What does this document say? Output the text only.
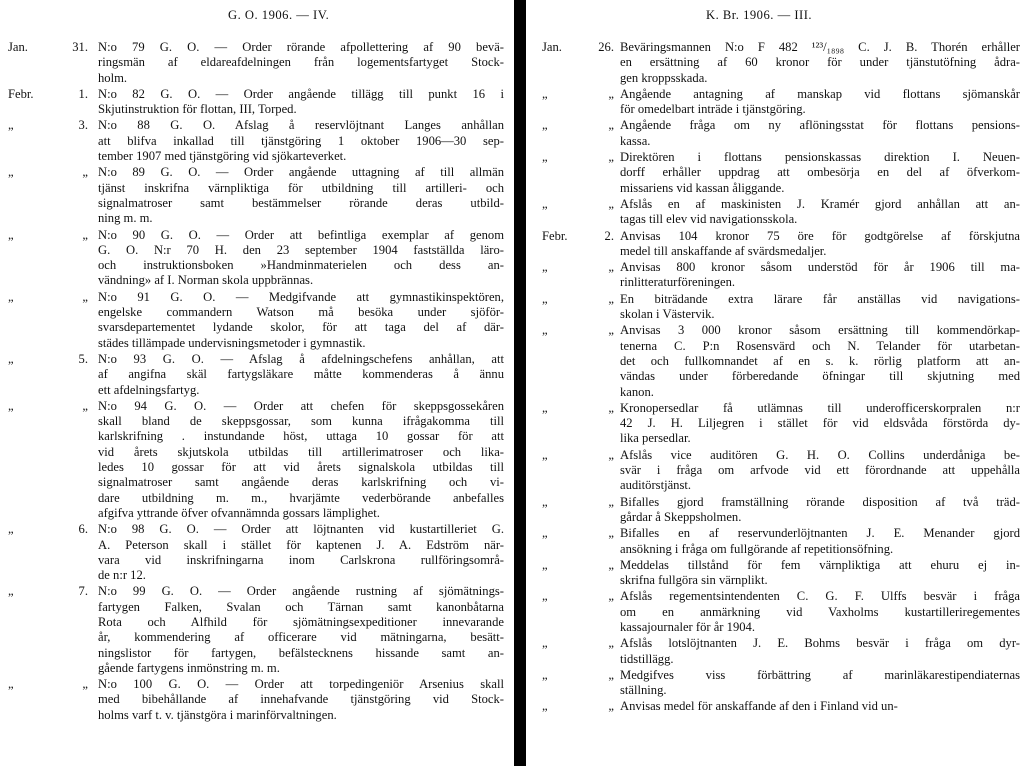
G. O. 1906. — IV.
Jan.	31. N:o 79 G. O. — Order rörande afpollettering af 90 bevä-
ringsmän af eldareafdelningen från logementsfartyget Stock-
holm.
Febr.	1. N:o 82 G. O. — Order angående tillägg till punkt 16 i
Skjutinstruktion för flottan, III, Torped.
„	3. N:o 88 G. O. Afslag å reservlöjtnant Langes anhållan
att blifva inkallad till tjänstgöring 1 oktober 1906—30 sep-
tember 1907 med tjänstgöring vid sjökarteverket.
„	„ N:o 89 G. O. — Order angående uttagning af till allmän
tjänst inskrifna värnpliktiga för utbildning till artilleri- och
signalmatroser samt bestämmelser rörande deras utbild-
ning m. m.
„	„ N:o 90 G. O. — Order att befintliga exemplar af genom
G. O. N:r 70 H. den 23 september 1904 fastställda läro-
och instruktionsboken »Handminmaterielen och dess an-
vändning» af I. Norman skola uppbrännas.
„	„ N:o 91 G. O. — Medgifvande att gymnastikinspektören,
engelske commandern Watson må besöka under sjöför-
svarsdepartementet lydande skolor, för att taga del af där-
städes tillämpade undervisningsmetoder i gymnastik.
„	5. N:o 93 G. O. — Afslag å afdelningschefens anhållan, att
af angifna skäl fartygsläkare måtte kommenderas å ännu
ett afdelningsfartyg.
„	„ N:o 94 G. O. — Order att chefen för skeppsgossekåren
skall bland de skeppsgossar, som kunna ifrågakomma till
karlskrifning . instundande höst, uttaga 10 gossar för att
vid årets skjutskola utbildas till artillerimatroser och lika-
ledes 10 gossar för att vid årets signalskola utbildas till
signalmatroser samt angående deras karlskrifning och vi-
dare utbildning m. m., hvarjämte vederbörande anbefalles
afgifva yttrande öfver ofvannämnda gossars lämplighet.
„	6. N:o 98 G. O. — Order att löjtnanten vid kustartilleriet G.
A. Peterson skall i stället för kaptenen J. A. Edström när-
vara vid inskrifningarna inom Carlskrona rullföringsområ-
de n:r 12.
„	7. N:o 99 G. O. — Order angående rustning af sjömätnings-
fartygen Falken, Svalan och Tärnan samt kanonbåtarna
Rota och Alfhild för sjömätningsexpeditioner innevarande
år, kommendering af officerare vid mätningarna, besätt-
ningslistor för fartygen, befälstecknens hissande samt an-
gående fartygens inmönstring m. m.
„	„ N:o 100 G. O. — Order att torpedingeniör Arsenius skall
med bibehållande af innehafvande tjänstgöring vid Stock-
holms varf t. v. tjänstgöra i marinförvaltningen.
K. Br. 1906. — III.
Jan.	26. Beväringsmannen N:o F 482 ¹²³/₁₈₉₈ C. J. B. Thorén erhåller
en ersättning af 60 kronor för under tjänstutöfning ådra-
gen kroppsskada.
„	„ Angående antagning af manskap vid flottans sjömanskår
för omedelbart inträde i tjänstgöring.
„	„ Angående fråga om ny aflöningsstat för flottans pensions-
kassa.
„	„ Direktören i flottans pensionskassas direktion I. Neuen-
dorff erhåller uppdrag att ombesörja en del af öfverkom-
missariens vid kassan åliggande.
„	„ Afslås en af maskinisten J. Kramér gjord anhållan att an-
tagas till elev vid navigationsskola.
Febr.	2. Anvisas 104 kronor 75 öre för godtgörelse af förskjutna
medel till anskaffande af svärdsmedaljer.
„	„ Anvisas 800 kronor såsom understöd för år 1906 till ma-
rinlitteraturföreningen.
„	„ En biträdande extra lärare får anställas vid navigations-
skolan i Västervik.
„	„ Anvisas 3 000 kronor såsom ersättning till kommendörkap-
tenerna C. P:n Rosensvärd och N. Telander för utarbetan-
det och fullkomnandet af en s. k. rörlig platform att an-
vändas under förberedande öfningar till skjutning med
kanon.
„	„ Kronopersedlar få utlämnas till underofficerskorpralen n:r
42 J. H. Liljegren i stället för vid eldsvåda förstörda dy-
lika persedlar.
„	„ Afslås vice auditören G. H. O. Collins underdåniga be-
svär i fråga om arfvode vid ett förordnande att uppehålla
auditörstjänst.
„	„ Bifalles gjord framställning rörande disposition af två träd-
gårdar å Skeppsholmen.
„	„ Bifalles en af reservunderlöjtnanten J. E. Menander gjord
ansökning i fråga om fullgörande af repetitionsöfning.
„	„ Meddelas tillstånd för fem värnpliktiga att ehuru ej in-
skrifna fullgöra sin värnplikt.
„	„ Afslås regementsintendenten C. G. F. Ulffs besvär i fråga
om en anmärkning vid Vaxholms kustartilleriregementes
kassajournaler för år 1904.
„	„ Afslås lotslöjtnanten J. E. Bohms besvär i fråga om dyr-
tidstillägg.
„	„ Medgifves viss förbättring af marinläkarestipendiaternas
ställning.
„	„ Anvisas medel för anskaffande af den i Finland vid un-
